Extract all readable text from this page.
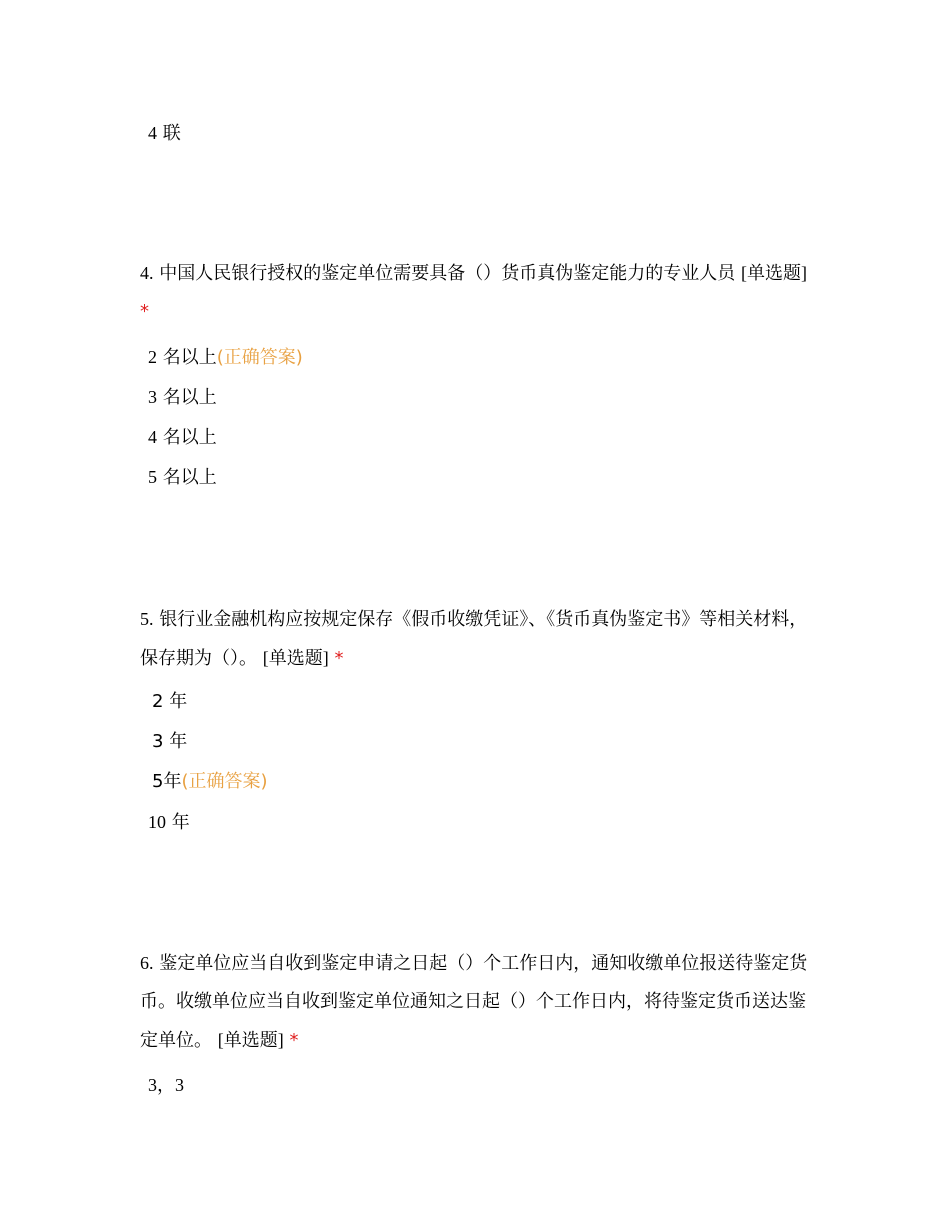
4 联
4. 中国人民银行授权的鉴定单位需要具备（）货币真伪鉴定能力的专业人员 [单选题] *
2 名以上(正确答案)
3 名以上
4 名以上
5 名以上
5. 银行业金融机构应按规定保存《假币收缴凭证》、《货币真伪鉴定书》等相关材料，保存期为（）。 [单选题] *
2 年
3 年
5年(正确答案)
10 年
6. 鉴定单位应当自收到鉴定申请之日起（）个工作日内，通知收缴单位报送待鉴定货币。收缴单位应当自收到鉴定单位通知之日起（）个工作日内，将待鉴定货币送达鉴定单位。 [单选题] *
3，3
